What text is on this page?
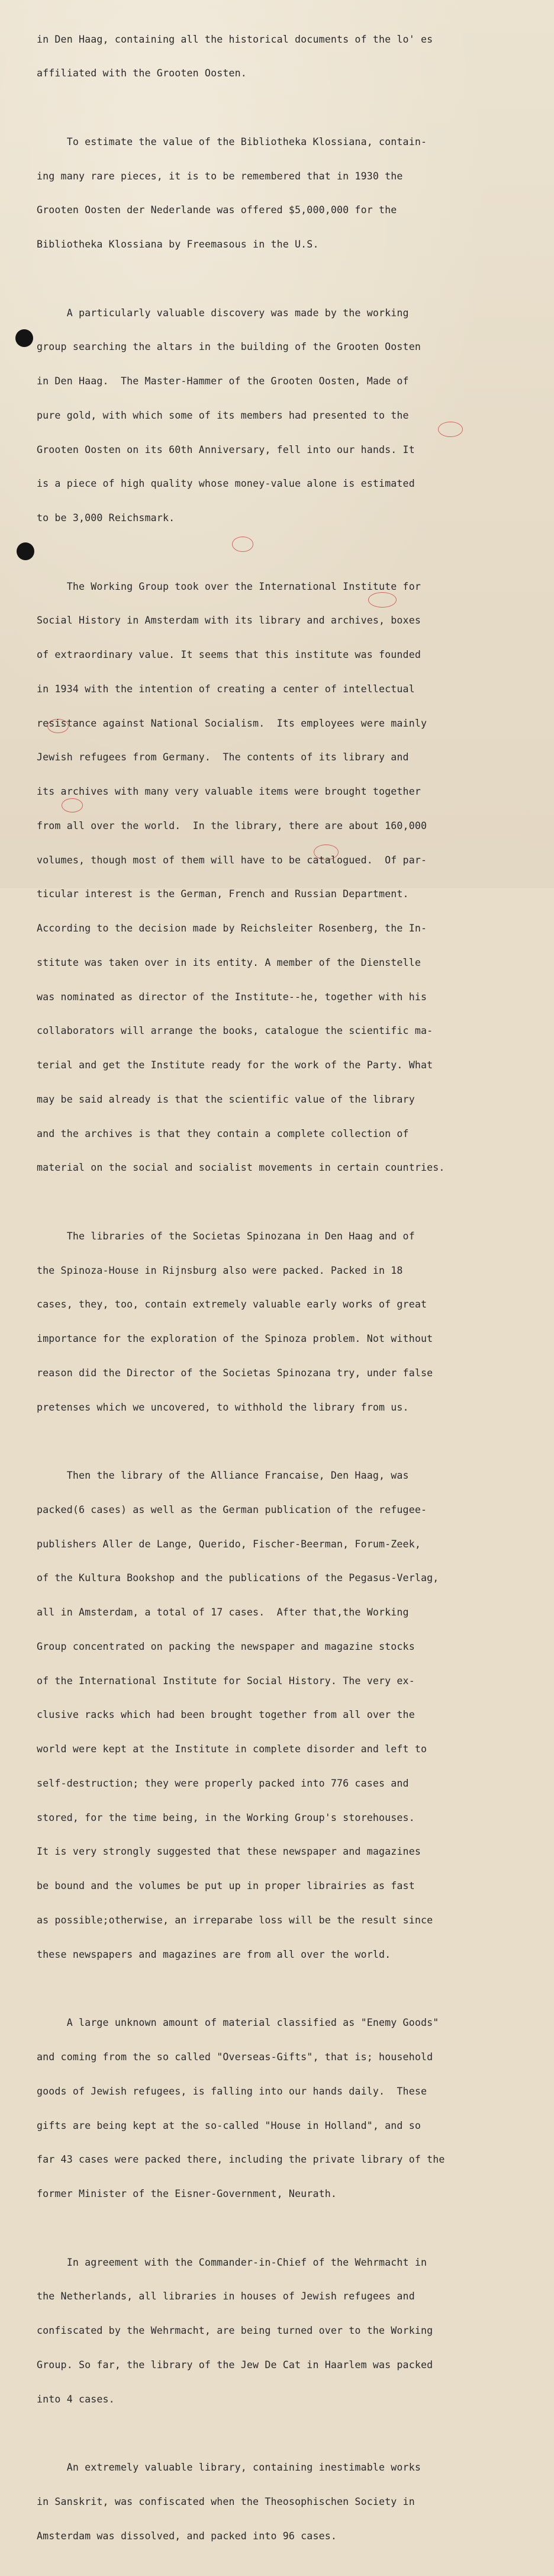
in Den Haag, containing all the historical documents of the lo' es

affiliated with the Grooten Oosten.

To estimate the value of the Bibliotheka Klossiana, contain-

ing many rare pieces, it is to be remembered that in 1930 the

Grooten Oosten der Nederlande was offered $5,000,000 for the

Bibliotheka Klossiana by Freemasous in the U.S.

A particularly valuable discovery was made by the working

group searching the altars in the building of the Grooten Oosten

in Den Haag.  The Master-Hammer of the Grooten Oosten, Made of

pure gold, with which some of its members had presented to the

Grooten Oosten on its 60th Anniversary, fell into our hands. It

is a piece of high quality whose money-value alone is estimated

to be 3,000 Reichsmark.

The Working Group took over the International Institute for

Social History in Amsterdam with its library and archives, boxes

of extraordinary value. It seems that this institute was founded

in 1934 with the intention of creating a center of intellectual

resistance against National Socialism.  Its employees were mainly

Jewish refugees from Germany.  The contents of its library and

its archives with many very valuable items were brought together

from all over the world.  In the library, there are about 160,000

volumes, though most of them will have to be catalogued.  Of par-

ticular interest is the German, French and Russian Department.

According to the decision made by Reichsleiter Rosenberg, the In-

stitute was taken over in its entity. A member of the Dienstelle

was nominated as director of the Institute--he, together with his

collaborators will arrange the books, catalogue the scientific ma-

terial and get the Institute ready for the work of the Party. What

may be said already is that the scientific value of the library

and the archives is that they contain a complete collection of

material on the social and socialist movements in certain countries.

The libraries of the Societas Spinozana in Den Haag and of

the Spinoza-House in Rijnsburg also were packed. Packed in 18

cases, they, too, contain extremely valuable early works of great

importance for the exploration of the Spinoza problem. Not without

reason did the Director of the Societas Spinozana try, under false

pretenses which we uncovered, to withhold the library from us.

Then the library of the Alliance Francaise, Den Haag, was

packed(6 cases) as well as the German publication of the refugee-

publishers Aller de Lange, Querido, Fischer-Beerman, Forum-Zeek,

of the Kultura Bookshop and the publications of the Pegasus-Verlag,

all in Amsterdam, a total of 17 cases.  After that,the Working

Group concentrated on packing the newspaper and magazine stocks

of the International Institute for Social History. The very ex-

clusive racks which had been brought together from all over the

world were kept at the Institute in complete disorder and left to

self-destruction; they were properly packed into 776 cases and

stored, for the time being, in the Working Group's storehouses.

It is very strongly suggested that these newspaper and magazines

be bound and the volumes be put up in proper librairies as fast

as possible;otherwise, an irreparabe loss will be the result since

these newspapers and magazines are from all over the world.

A large unknown amount of material classified as "Enemy Goods"

and coming from the so called "Overseas-Gifts", that is; household

goods of Jewish refugees, is falling into our hands daily.  These

gifts are being kept at the so-called "House in Holland", and so

far 43 cases were packed there, including the private library of the

former Minister of the Eisner-Government, Neurath.

In agreement with the Commander-in-Chief of the Wehrmacht in

the Netherlands, all libraries in houses of Jewish refugees and

confiscated by the Wehrmacht, are being turned over to the Working

Group. So far, the library of the Jew De Cat in Haarlem was packed

into 4 cases.

An extremely valuable library, containing inestimable works

in Sanskrit, was confiscated when the Theosophischen Society in

Amsterdam was dissolved, and packed into 96 cases.
